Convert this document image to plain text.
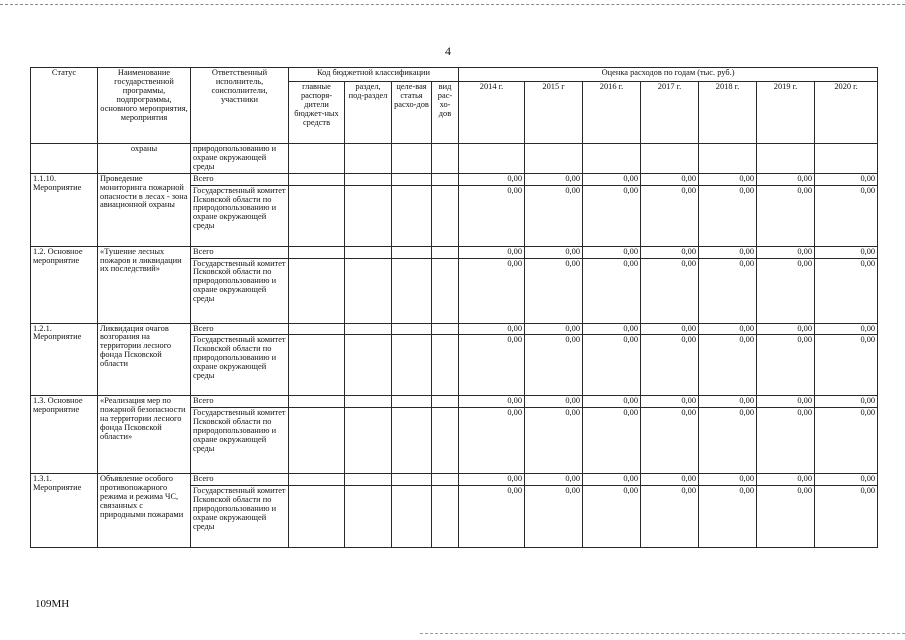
4
Статус	Наименование государственной программы, подпрограммы, основного мероприятия, мероприятия	Ответственный исполнитель, соисполнители, участники	Код бюджетной классификации				Оценка расходов по годам (тыс. руб.)						
			главные распоря-дители бюджет-ных средств	раздел, под-раздел	целе-вая статья расхо-дов	вид рас-хо-дов	2014 г.	2015 г	2016 г.	2017 г.	2018 г.	2019 г.	2020 г.
	охраны	природопользованию и охране окружающей среды											
1.1.10. Мероприятие	Проведение мониторинга пожарной опасности в лесах - зона авиационной охраны	Всего					0,00	0,00	0,00	0,00	0,00	0,00	0,00
		Государственный комитет Псковской области по природопользованию и охране окружающей среды					0,00	0,00	0,00	0,00	0,00	0,00	0,00
1.2. Основное мероприятие	«Тушение лесных пожаров и ликвидации их последствий»	Всего					0,00	0,00	0,00	0,00	0,00	0,00	0,00
		Государственный комитет Псковской области по природопользованию и охране окружающей среды					0,00	0,00	0,00	0,00	0,00	0,00	0,00
1.2.1. Мероприятие	Ликвидация очагов возгорания на территории лесного фонда Псковской области	Всего					0,00	0,00	0,00	0,00	0,00	0,00	0,00
		Государственный комитет Псковской области по природопользованию и охране окружающей среды					0,00	0,00	0,00	0,00	0,00	0,00	0,00
1.3. Основное мероприятие	«Реализация мер по пожарной безопасности на территории лесного фонда Псковской области»	Всего					0,00	0,00	0,00	0,00	0,00	0,00	0,00
		Государственный комитет Псковской области по природопользованию и охране окружающей среды					0,00	0,00	0,00	0,00	0,00	0,00	0,00
1.3.1. Мероприятие	Объявление особого противопожарного режима и режима ЧС, связанных с природными пожарами	Всего					0,00	0,00	0,00	0,00	0,00	0,00	0,00
		Государственный комитет Псковской области по природопользованию и охране окружающей среды					0,00	0,00	0,00	0,00	0,00	0,00	0,00
109МН
